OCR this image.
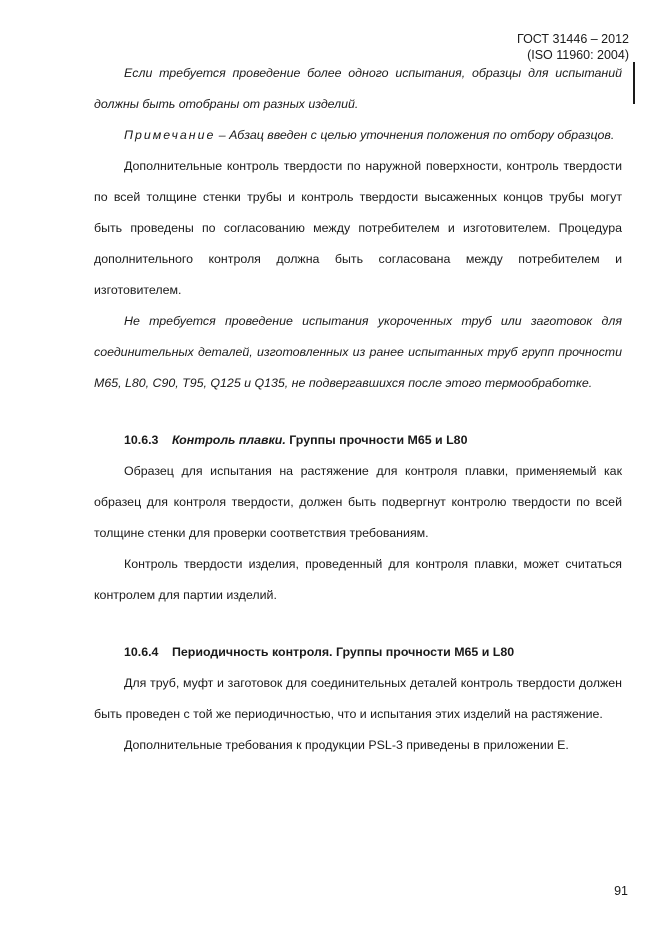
ГОСТ 31446 – 2012
(ISO 11960: 2004)

Если требуется проведение более одного испытания, образцы для испытаний должны быть отобраны от разных изделий.

Примечание – Абзац введен с целью уточнения положения по отбору образцов.

Дополнительные контроль твердости по наружной поверхности, контроль твердости по всей толщине стенки трубы и контроль твердости высаженных концов трубы могут быть проведены по согласованию между потребителем и изготовителем. Процедура дополнительного контроля должна быть согласована между потребителем и изготовителем.

Не требуется проведение испытания укороченных труб или заготовок для соединительных деталей, изготовленных из ранее испытанных труб групп прочности М65, L80, С90, Т95, Q125 и Q135, не подвергавшихся после этого термообработке.

10.6.3 Контроль плавки. Группы прочности М65 и L80

Образец для испытания на растяжение для контроля плавки, применяемый как образец для контроля твердости, должен быть подвергнут контролю твердости по всей толщине стенки для проверки соответствия требованиям.

Контроль твердости изделия, проведенный для контроля плавки, может считаться контролем для партии изделий.

10.6.4 Периодичность контроля. Группы прочности М65 и L80

Для труб, муфт и заготовок для соединительных деталей контроль твердости должен быть проведен с той же периодичностью, что и испытания этих изделий на растяжение.

Дополнительные требования к продукции PSL-3 приведены в приложении Е.

91
